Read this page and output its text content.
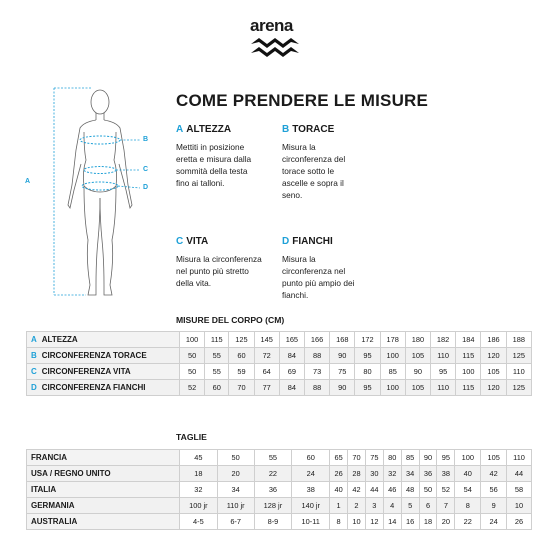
arena
A
B
C
D
COME PRENDERE LE MISURE
A ALTEZZA
Mettiti in posizione
eretta e misura dalla
sommità della testa
fino ai talloni.
B TORACE
Misura la
circonferenza del
torace sotto le
ascelle e sopra il
seno.
C VITA
Misura la circonferenza
nel punto più stretto
della vita.
D FIANCHI
Misura la
circonferenza nel
punto più ampio dei
fianchi.
MISURE DEL CORPO (CM)
A ALTEZZA	100	115	125	145	165	166	168	172	178	180	182	184	186	188
B CIRCONFERENZA TORACE	50	55	60	72	84	88	90	95	100	105	110	115	120	125
C CIRCONFERENZA VITA	50	55	59	64	69	73	75	80	85	90	95	100	105	110
D CIRCONFERENZA FIANCHI	52	60	70	77	84	88	90	95	100	105	110	115	120	125
TAGLIE
FRANCIA	45	50	55	60	65	70	75	80	85	90	95	100	105	110
USA / REGNO UNITO	18	20	22	24	26	28	30	32	34	36	38	40	42	44
ITALIA	32	34	36	38	40	42	44	46	48	50	52	54	56	58
GERMANIA	100 jr	110 jr	128 jr	140 jr	1	2	3	4	5	6	7	8	9	10
AUSTRALIA	4-5	6-7	8-9	10-11	8	10	12	14	16	18	20	22	24	26
